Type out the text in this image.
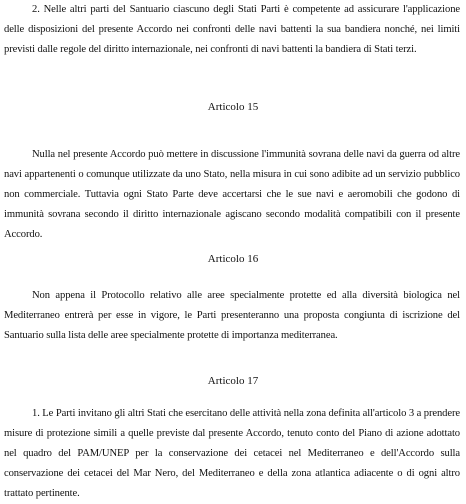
2. Nelle altri parti del Santuario ciascuno degli Stati Parti è competente ad assicurare l'applicazione delle disposizioni del presente Accordo nei confronti delle navi battenti la sua bandiera nonché, nei limiti previsti dalle regole del diritto internazionale, nei confronti di navi battenti la bandiera di Stati terzi.

Articolo 15

Nulla nel presente Accordo può mettere in discussione l'immunità sovrana delle navi da guerra od altre navi appartenenti o comunque utilizzate da uno Stato, nella misura in cui sono adibite ad un servizio pubblico non commerciale. Tuttavia ogni Stato Parte deve accertarsi che le sue navi e aeromobili che godono di immunità sovrana secondo il diritto internazionale agiscano secondo modalità compatibili con il presente Accordo.

Articolo 16

Non appena il Protocollo relativo alle aree specialmente protette ed alla diversità biologica nel Mediterraneo entrerà per esse in vigore, le Parti presenteranno una proposta congiunta di iscrizione del Santuario sulla lista delle aree specialmente protette di importanza mediterranea.

Articolo 17

1. Le Parti invitano gli altri Stati che esercitano delle attività nella zona definita all'articolo 3 a prendere misure di protezione simili a quelle previste dal presente Accordo, tenuto conto del Piano di azione adottato nel quadro del PAM/UNEP per la conservazione dei cetacei nel Mediterraneo e dell'Accordo sulla conservazione dei cetacei del Mar Nero, del Mediterraneo e della zona atlantica adiacente o di ogni altro trattato pertinente.
